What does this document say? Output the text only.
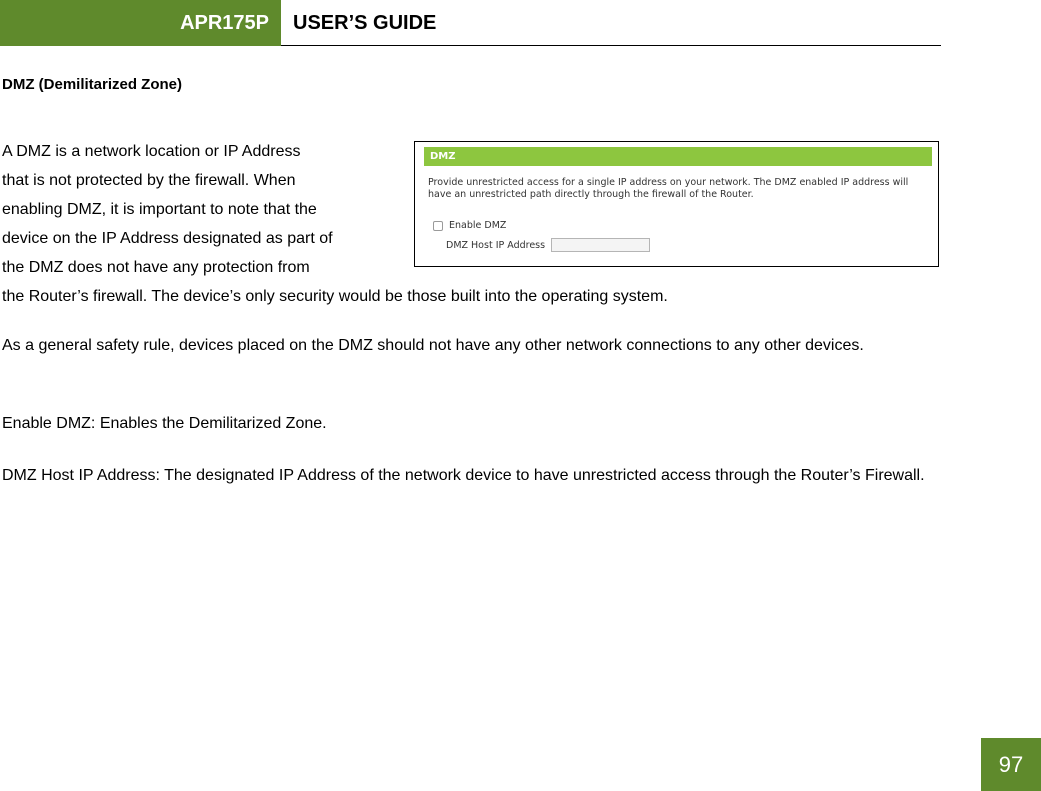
APR175P	USER’S GUIDE
DMZ (Demilitarized Zone)
A DMZ is a network location or IP Address
that is not protected by the firewall. When
enabling DMZ, it is important to note that the
device on the IP Address designated as part of
the DMZ does not have any protection from
the Router’s firewall. The device’s only security would be those built into the operating system.
DMZ
Provide unrestricted access for a single IP address on your network. The DMZ enabled IP address will have an unrestricted path directly through the firewall of the Router.
Enable DMZ
DMZ Host IP Address
As a general safety rule, devices placed on the DMZ should not have any other network connections to any other devices.
Enable DMZ: Enables the Demilitarized Zone.
DMZ Host IP Address: The designated IP Address of the network device to have unrestricted access through the Router’s Firewall.
97
